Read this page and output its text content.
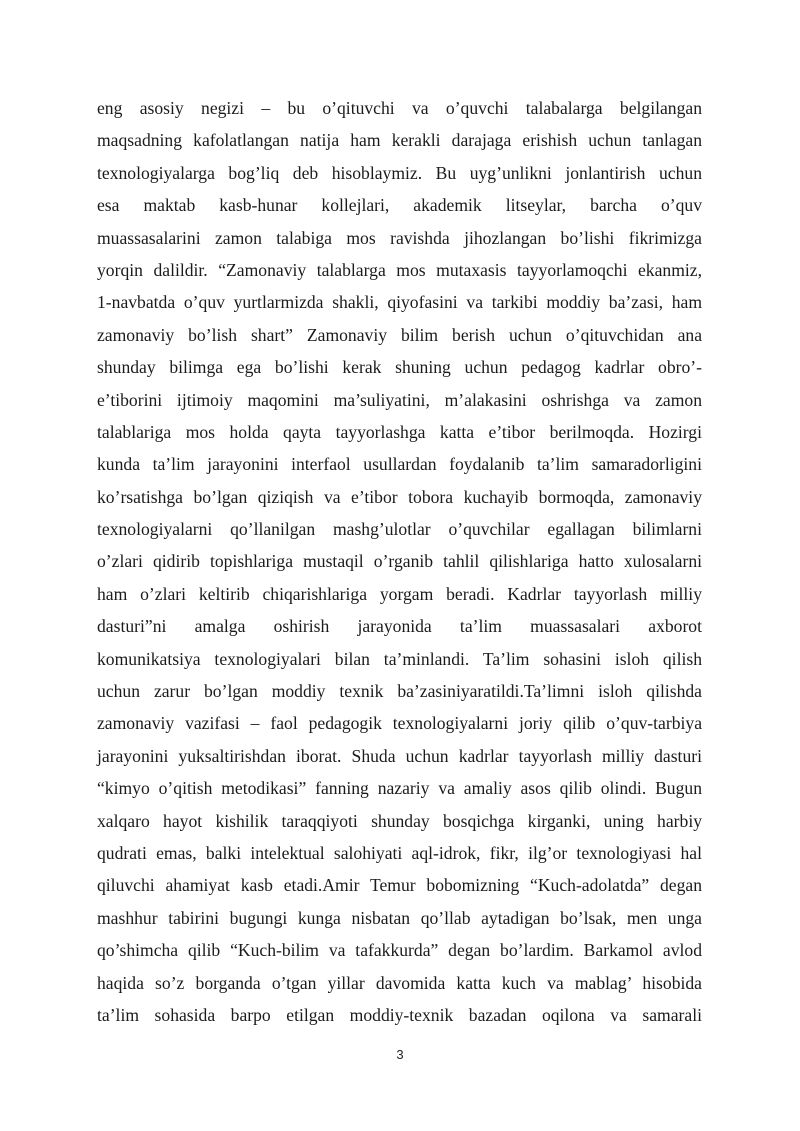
eng asosiy negizi – bu o’qituvchi va o’quvchi talabalarga belgilangan
maqsadning kafolatlangan natija ham kerakli darajaga erishish uchun tanlagan
texnologiyalarga bog’liq deb hisoblaymiz. Bu uyg’unlikni jonlantirish uchun
esa maktab kasb-hunar kollejlari, akademik litseylar, barcha o’quv
muassasalarini zamon talabiga mos ravishda jihozlangan bo’lishi fikrimizga
yorqin dalildir. “Zamonaviy talablarga mos mutaxasis tayyorlamoqchi ekanmiz,
1-navbatda o’quv yurtlarmizda shakli, qiyofasini va tarkibi moddiy ba’zasi, ham
zamonaviy bo’lish shart” Zamonaviy bilim berish uchun o’qituvchidan ana
shunday bilimga ega bo’lishi kerak shuning uchun pedagog kadrlar obro’-
e’tiborini ijtimoiy maqomini ma’suliyatini, m’alakasini oshrishga va zamon
talablariga mos holda qayta tayyorlashga katta e’tibor berilmoqda. Hozirgi
kunda ta’lim jarayonini interfaol usullardan foydalanib ta’lim samaradorligini
ko’rsatishga bo’lgan qiziqish va e’tibor tobora kuchayib bormoqda, zamonaviy
texnologiyalarni qo’llanilgan mashg’ulotlar o’quvchilar egallagan bilimlarni
o’zlari qidirib topishlariga mustaqil o’rganib tahlil qilishlariga hatto xulosalarni
ham o’zlari keltirib chiqarishlariga yorgam beradi. Kadrlar tayyorlash milliy
dasturi”ni amalga oshirish jarayonida ta’lim muassasalari axborot
komunikatsiya texnologiyalari bilan ta’minlandi. Ta’lim sohasini isloh qilish
uchun zarur bo’lgan moddiy texnik ba’zasiniyaratildi.Ta’limni isloh qilishda
zamonaviy vazifasi – faol pedagogik texnologiyalarni joriy qilib o’quv-tarbiya
jarayonini yuksaltirishdan iborat. Shuda uchun kadrlar tayyorlash milliy dasturi
“kimyo o’qitish metodikasi” fanning nazariy va amaliy asos qilib olindi. Bugun
xalqaro hayot kishilik taraqqiyoti shunday bosqichga kirganki, uning harbiy
qudrati emas, balki intelektual salohiyati aql-idrok, fikr, ilg’or texnologiyasi hal
qiluvchi ahamiyat kasb etadi.Amir Temur bobomizning “Kuch-adolatda” degan
mashhur tabirini bugungi kunga nisbatan qo’llab aytadigan bo’lsak, men unga
qo’shimcha qilib “Kuch-bilim va tafakkurda” degan bo’lardim. Barkamol avlod
haqida so’z borganda o’tgan yillar davomida katta kuch va mablag’ hisobida
ta’lim sohasida barpo etilgan moddiy-texnik bazadan oqilona va samarali
3
